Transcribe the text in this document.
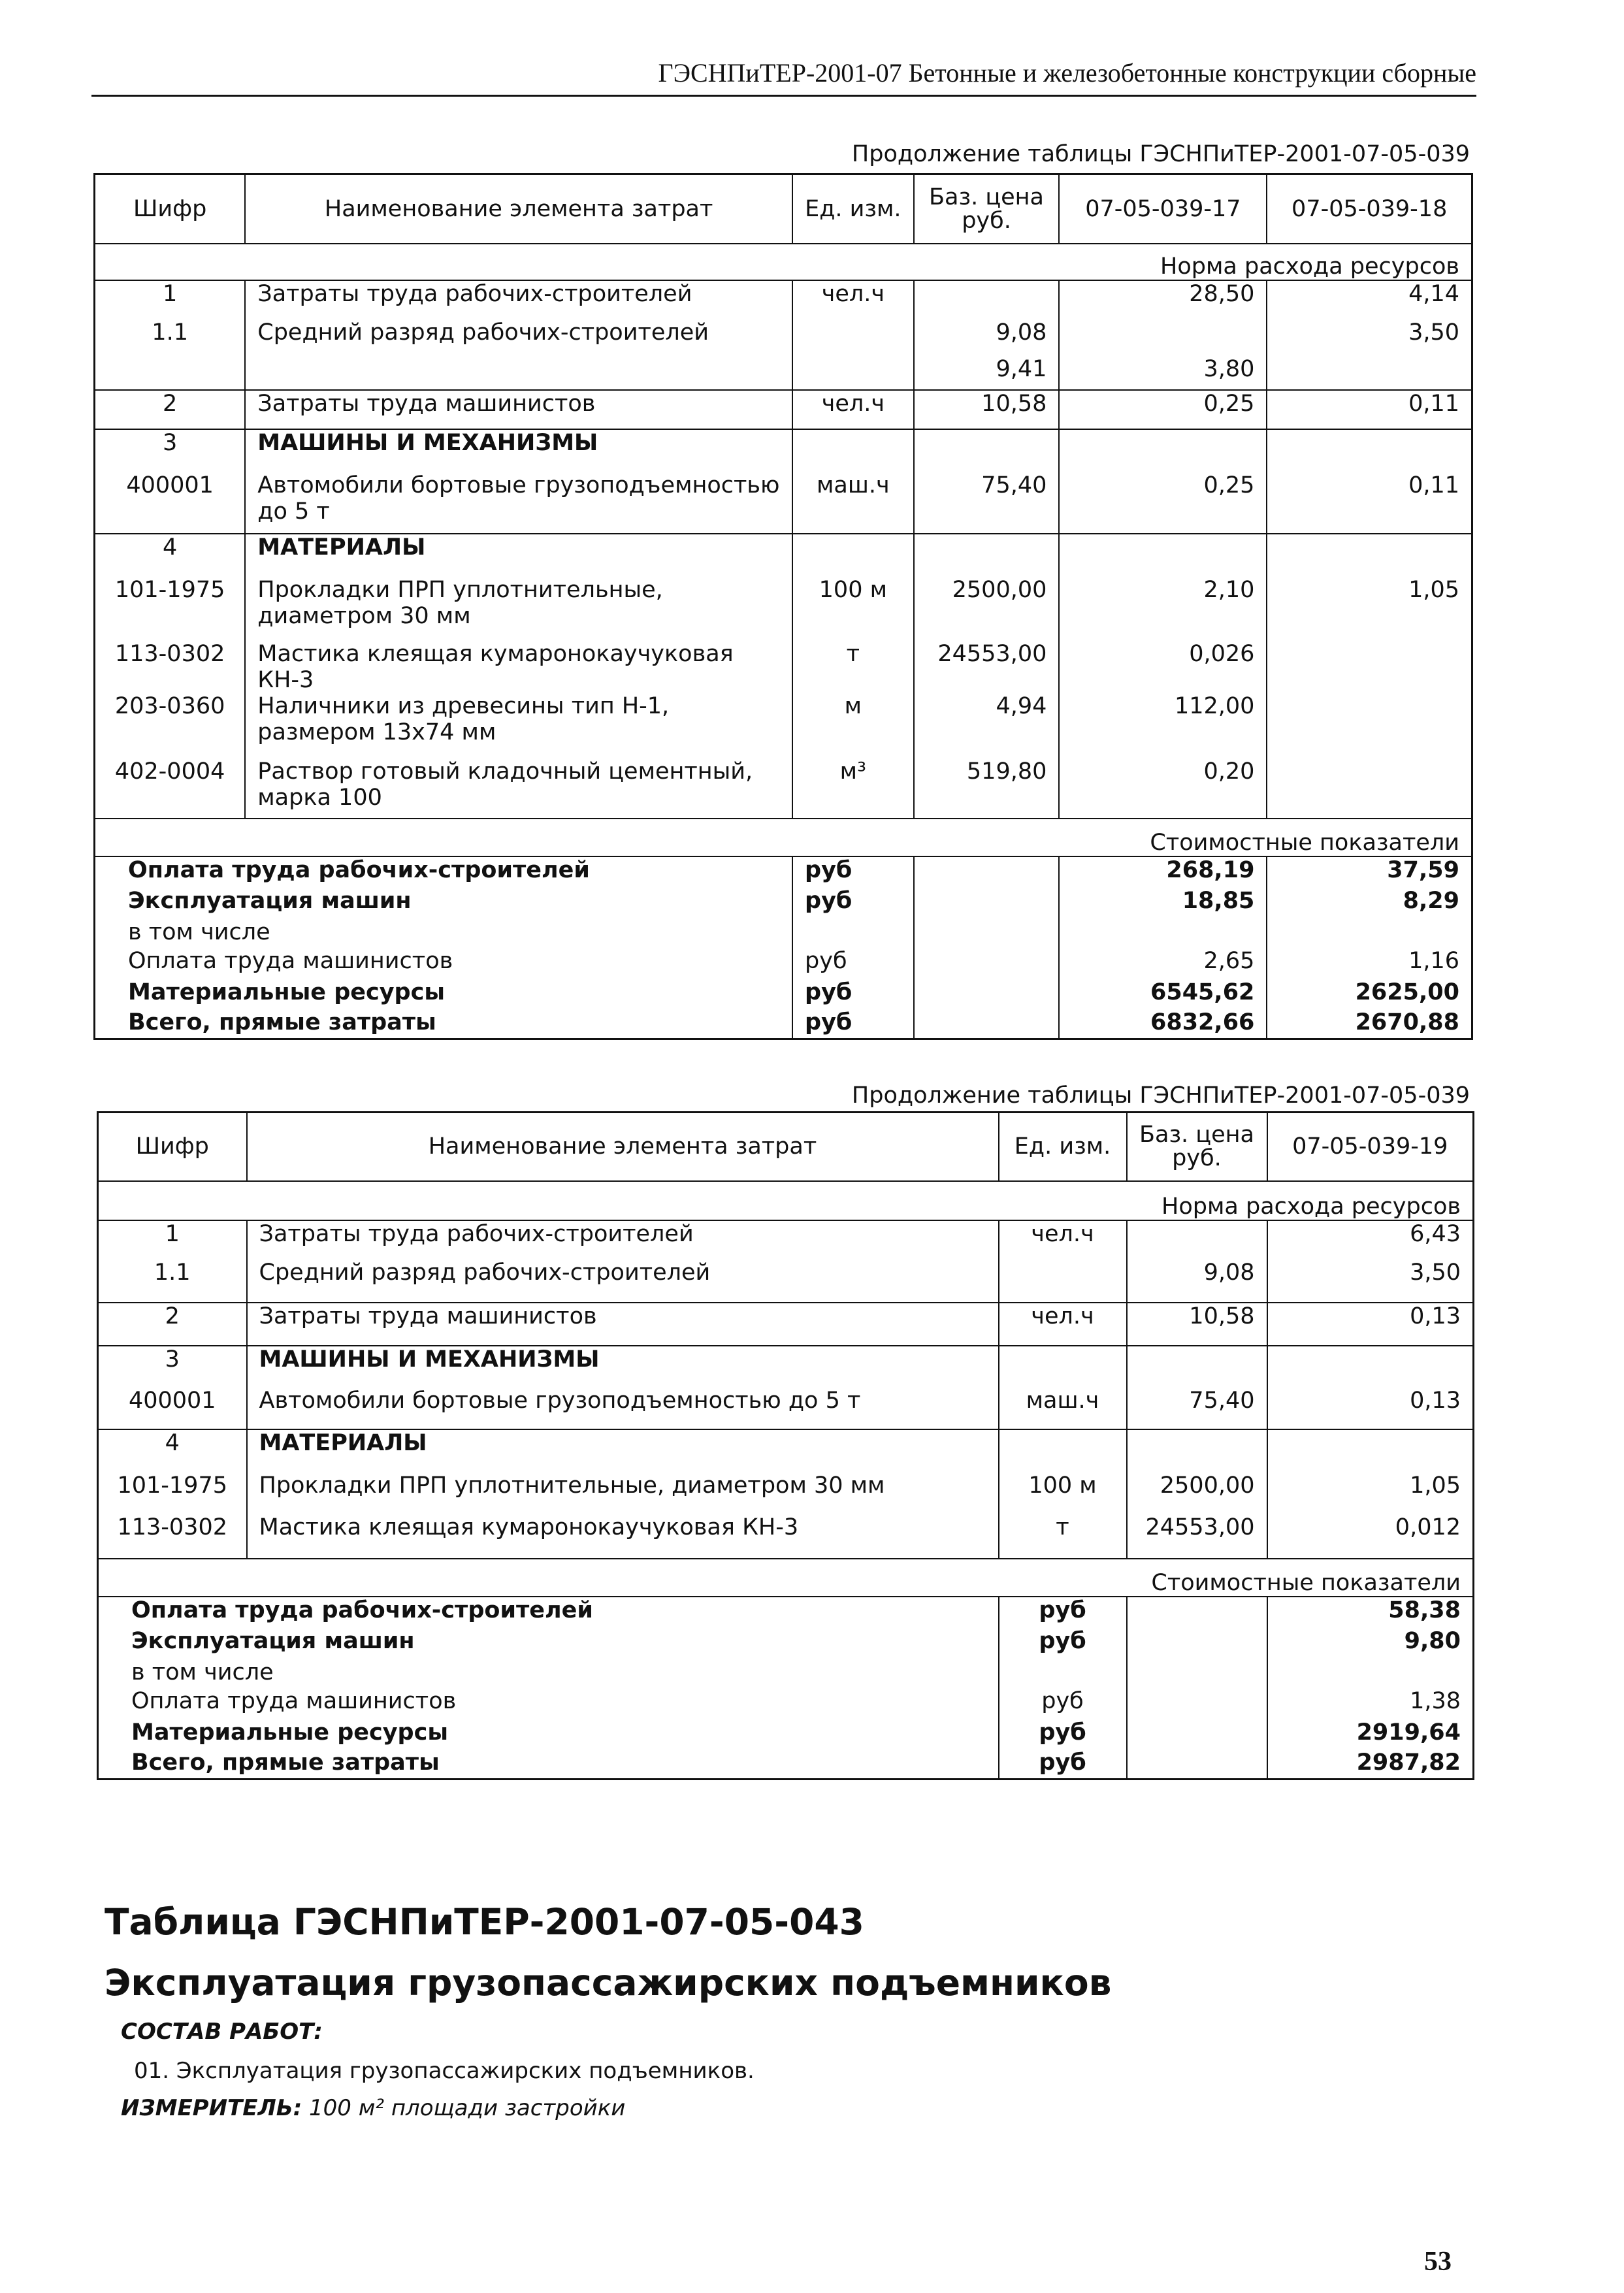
ГЭСНПиТЕР-2001-07 Бетонные и железобетонные конструкции сборные
Продолжение таблицы ГЭСНПиТЕР-2001-07-05-039
Шифр	Наименование элемента затрат	Ед. изм.	Баз. цена руб.	07-05-039-17	07-05-039-18
				Норма расхода ресурсов	
1	Затраты труда рабочих-строителей	чел.ч		28,50	4,14
1.1	Средний разряд рабочих-строителей		9,08		3,50
			9,41	3,80	
2	Затраты труда машинистов	чел.ч	10,58	0,25	0,11
3	МАШИНЫ И МЕХАНИЗМЫ				
400001	Автомобили бортовые грузоподъемностью до 5 т	маш.ч	75,40	0,25	0,11
4	МАТЕРИАЛЫ				
101-1975	Прокладки ПРП уплотнительные, диаметром 30 мм	100 м	2500,00	2,10	1,05
113-0302	Мастика клеящая кумаронокаучуковая КН-3	т	24553,00	0,026	
203-0360	Наличники из древесины тип Н-1, размером 13х74 мм	м	4,94	112,00	
402-0004	Раствор готовый кладочный цементный, марка 100	м³	519,80	0,20	
				Стоимостные показатели	
Оплата труда рабочих-строителей		руб		268,19	37,59
Эксплуатация машин		руб		18,85	8,29
в том числе					
Оплата труда машинистов		руб		2,65	1,16
Материальные ресурсы		руб		6545,62	2625,00
Всего, прямые затраты		руб		6832,66	2670,88
Продолжение таблицы ГЭСНПиТЕР-2001-07-05-039
Шифр	Наименование элемента затрат	Ед. изм.	Баз. цена руб.	07-05-039-19
			Норма расхода ресурсов	
1	Затраты труда рабочих-строителей	чел.ч		6,43
1.1	Средний разряд рабочих-строителей		9,08	3,50
2	Затраты труда машинистов	чел.ч	10,58	0,13
3	МАШИНЫ И МЕХАНИЗМЫ			
400001	Автомобили бортовые грузоподъемностью до 5 т	маш.ч	75,40	0,13
4	МАТЕРИАЛЫ			
101-1975	Прокладки ПРП уплотнительные, диаметром 30 мм	100 м	2500,00	1,05
113-0302	Мастика клеящая кумаронокаучуковая КН-3	т	24553,00	0,012
			Стоимостные показатели	
Оплата труда рабочих-строителей		руб		58,38
Эксплуатация машин		руб		9,80
в том числе				
Оплата труда машинистов		руб		1,38
Материальные ресурсы		руб		2919,64
Всего, прямые затраты		руб		2987,82
Таблица ГЭСНПиТЕР-2001-07-05-043
Эксплуатация грузопассажирских подъемников
СОСТАВ РАБОТ:
01. Эксплуатация грузопассажирских подъемников.
ИЗМЕРИТЕЛЬ: 100 м² площади застройки
53
